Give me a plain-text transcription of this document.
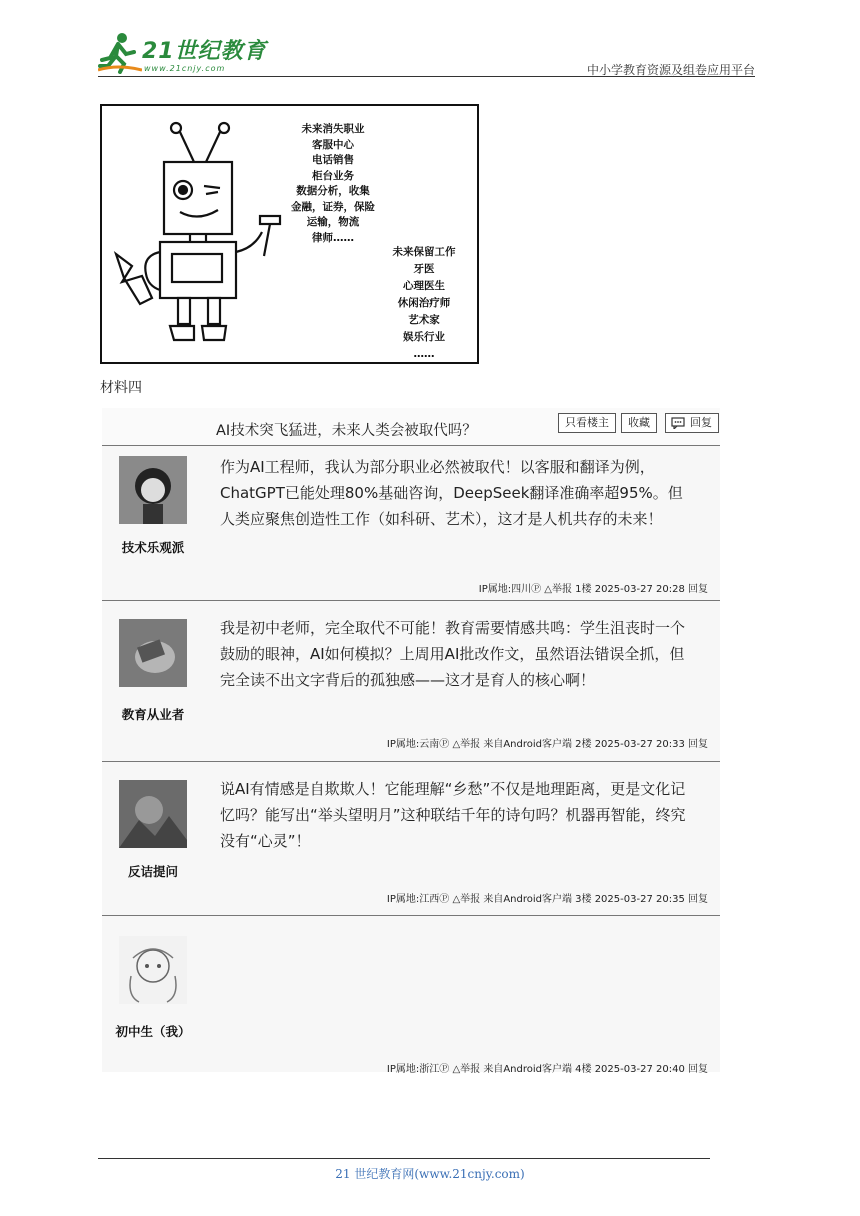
21世纪教育
www.21cnjy.com	中小学教育资源及组卷应用平台
未来消失职业
客服中心
电话销售
柜台业务
数据分析，收集
金融，证券，保险
运输，物流
律师……
未来保留工作
牙医
心理医生
休闲治疗师
艺术家
娱乐行业
……
材料四
AI技术突飞猛进，未来人类会被取代吗？
只看楼主	收藏	回复
技术乐观派
作为AI工程师，我认为部分职业必然被取代！以客服和翻译为例，ChatGPT已能处理80%基础咨询，DeepSeek翻译准确率超95%。但人类应聚焦创造性工作（如科研、艺术），这才是人机共存的未来！
IP属地:四川Ⓟ △举报 1楼 2025-03-27 20:28 回复
教育从业者
我是初中老师，完全取代不可能！教育需要情感共鸣：学生沮丧时一个鼓励的眼神，AI如何模拟？上周用AI批改作文，虽然语法错误全抓，但完全读不出文字背后的孤独感——这才是育人的核心啊！
IP属地:云南Ⓟ △举报 来自Android客户端 2楼 2025-03-27 20:33 回复
反诘提问
说AI有情感是自欺欺人！它能理解“乡愁”不仅是地理距离，更是文化记忆吗？能写出“举头望明月”这种联结千年的诗句吗？机器再智能，终究没有“心灵”！
IP属地:江西Ⓟ △举报 来自Android客户端 3楼 2025-03-27 20:35 回复
初中生（我）
IP属地:浙江Ⓟ △举报 来自Android客户端 4楼 2025-03-27 20:40 回复
21 世纪教育网(www.21cnjy.com)
